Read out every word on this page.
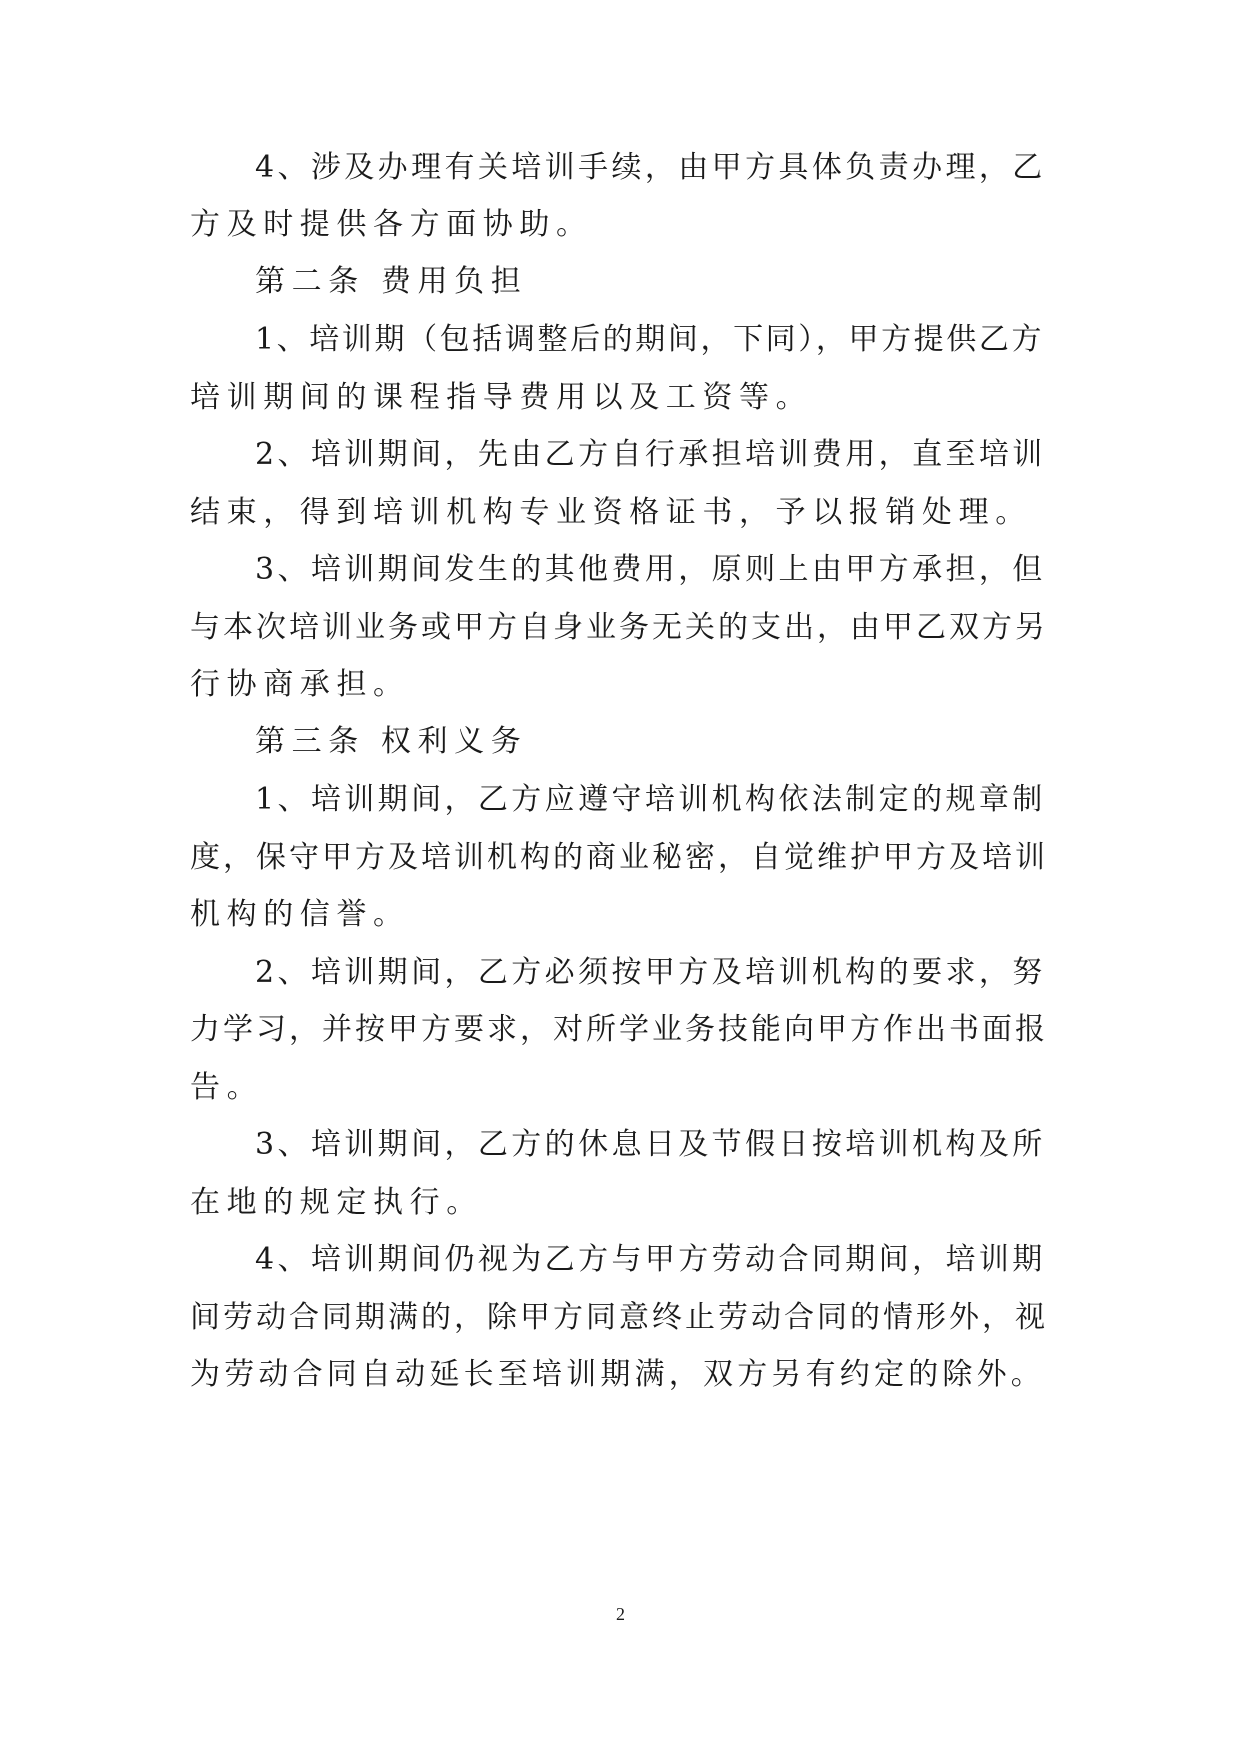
4、涉及办理有关培训手续，由甲方具体负责办理，乙
方及时提供各方面协助。
第二条 费用负担
1、培训期（包括调整后的期间，下同），甲方提供乙方
培训期间的课程指导费用以及工资等。
2、培训期间，先由乙方自行承担培训费用，直至培训
结束，得到培训机构专业资格证书，予以报销处理。
3、培训期间发生的其他费用，原则上由甲方承担，但
与本次培训业务或甲方自身业务无关的支出，由甲乙双方另
行协商承担。
第三条 权利义务
1、培训期间，乙方应遵守培训机构依法制定的规章制
度，保守甲方及培训机构的商业秘密，自觉维护甲方及培训
机构的信誉。
2、培训期间，乙方必须按甲方及培训机构的要求，努
力学习，并按甲方要求，对所学业务技能向甲方作出书面报
告。
3、培训期间，乙方的休息日及节假日按培训机构及所
在地的规定执行。
4、培训期间仍视为乙方与甲方劳动合同期间，培训期
间劳动合同期满的，除甲方同意终止劳动合同的情形外，视
为劳动合同自动延长至培训期满，双方另有约定的除外。
2
